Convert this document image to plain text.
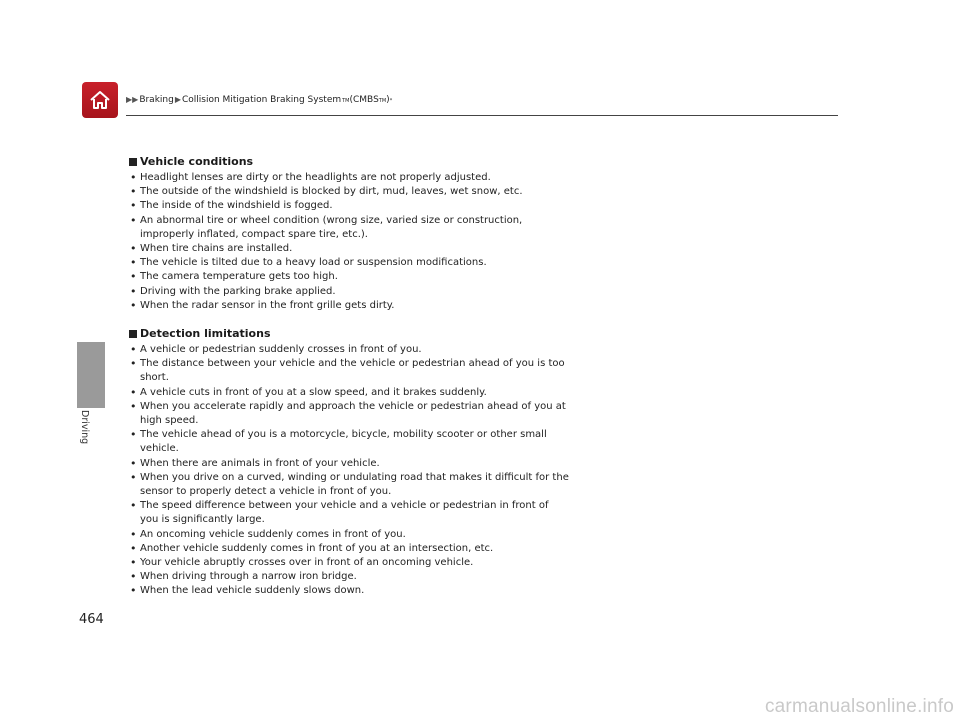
▶▶ Braking ▶ Collision Mitigation Braking System TM (CMBS TM ) *
Driving
Vehicle conditions
• Headlight lenses are dirty or the headlights are not properly adjusted.
• The outside of the windshield is blocked by dirt, mud, leaves, wet snow, etc.
• The inside of the windshield is fogged.
• An abnormal tire or wheel condition (wrong size, varied size or construction, improperly inflated, compact spare tire, etc.).
• When tire chains are installed.
• The vehicle is tilted due to a heavy load or suspension modifications.
• The camera temperature gets too high.
• Driving with the parking brake applied.
• When the radar sensor in the front grille gets dirty.
Detection limitations
• A vehicle or pedestrian suddenly crosses in front of you.
• The distance between your vehicle and the vehicle or pedestrian ahead of you is too short.
• A vehicle cuts in front of you at a slow speed, and it brakes suddenly.
• When you accelerate rapidly and approach the vehicle or pedestrian ahead of you at high speed.
• The vehicle ahead of you is a motorcycle, bicycle, mobility scooter or other small vehicle.
• When there are animals in front of your vehicle.
• When you drive on a curved, winding or undulating road that makes it difficult for the sensor to properly detect a vehicle in front of you.
• The speed difference between your vehicle and a vehicle or pedestrian in front of you is significantly large.
• An oncoming vehicle suddenly comes in front of you.
• Another vehicle suddenly comes in front of you at an intersection, etc.
• Your vehicle abruptly crosses over in front of an oncoming vehicle.
• When driving through a narrow iron bridge.
• When the lead vehicle suddenly slows down.
464
carmanualsonline.info
